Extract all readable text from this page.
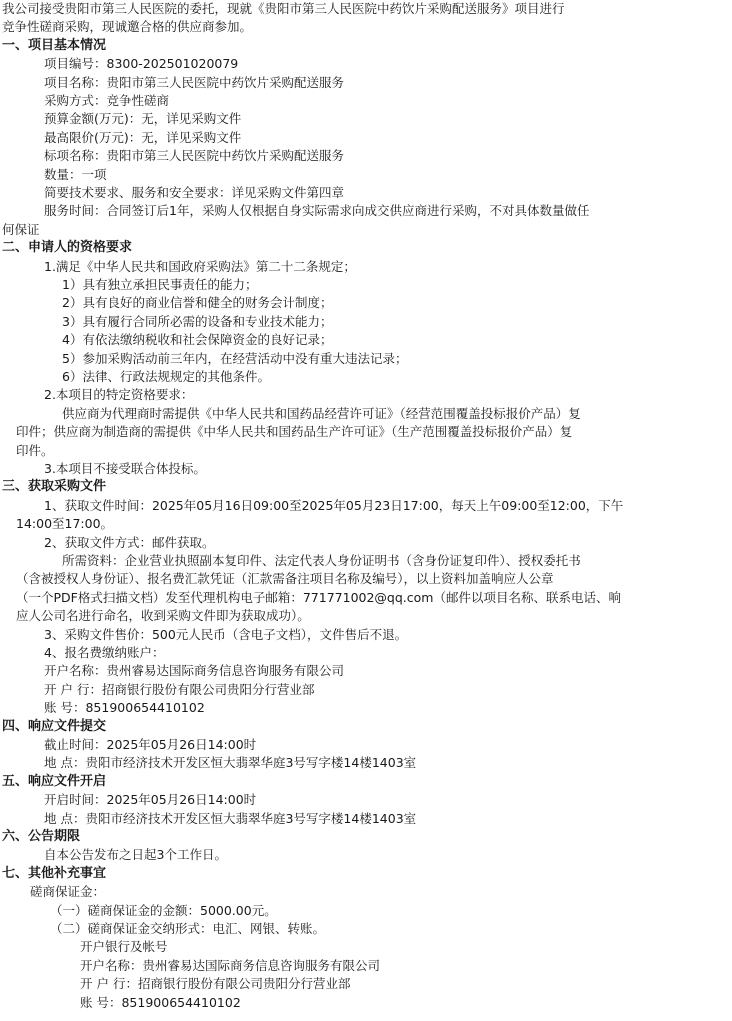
我公司接受贵阳市第三人民医院的委托，现就《贵阳市第三人民医院中药饮片采购配送服务》项目进行
竞争性磋商采购，现诚邀合格的供应商参加。
一、项目基本情况
项目编号：8300-202501020079
项目名称：贵阳市第三人民医院中药饮片采购配送服务
采购方式：竞争性磋商
预算金额(万元)：无，详见采购文件
最高限价(万元)：无，详见采购文件
标项名称：贵阳市第三人民医院中药饮片采购配送服务
数量：一项
简要技术要求、服务和安全要求：详见采购文件第四章
服务时间：合同签订后1年，采购人仅根据自身实际需求向成交供应商进行采购，不对具体数量做任
何保证
二、申请人的资格要求
1.满足《中华人民共和国政府采购法》第二十二条规定；
1）具有独立承担民事责任的能力；
2）具有良好的商业信誉和健全的财务会计制度；
3）具有履行合同所必需的设备和专业技术能力；
4）有依法缴纳税收和社会保障资金的良好记录；
5）参加采购活动前三年内，在经营活动中没有重大违法记录；
6）法律、行政法规规定的其他条件。
2.本项目的特定资格要求：
供应商为代理商时需提供《中华人民共和国药品经营许可证》（经营范围覆盖投标报价产品）复
印件；供应商为制造商的需提供《中华人民共和国药品生产许可证》（生产范围覆盖投标报价产品）复
印件。
3.本项目不接受联合体投标。
三、获取采购文件
1、获取文件时间：2025年05月16日09:00至2025年05月23日17:00，每天上午09:00至12:00，下午
14:00至17:00。
2、获取文件方式：邮件获取。
所需资料：企业营业执照副本复印件、法定代表人身份证明书（含身份证复印件）、授权委托书
（含被授权人身份证）、报名费汇款凭证（汇款需备注项目名称及编号），以上资料加盖响应人公章
（一个PDF格式扫描文档）发至代理机构电子邮箱：771771002@qq.com（邮件以项目名称、联系电话、响
应人公司名进行命名，收到采购文件即为获取成功）。
3、采购文件售价：500元人民币（含电子文档），文件售后不退。
4、报名费缴纳账户：
开户名称：贵州睿易达国际商务信息咨询服务有限公司
开 户 行：招商银行股份有限公司贵阳分行营业部
账 号：851900654410102
四、响应文件提交
截止时间：2025年05月26日14:00时
地 点：贵阳市经济技术开发区恒大翡翠华庭3号写字楼14楼1403室
五、响应文件开启
开启时间：2025年05月26日14:00时
地 点：贵阳市经济技术开发区恒大翡翠华庭3号写字楼14楼1403室
六、公告期限
自本公告发布之日起3个工作日。
七、其他补充事宜
磋商保证金：
（一）磋商保证金的金额：5000.00元。
（二）磋商保证金交纳形式：电汇、网银、转账。
开户银行及帐号
开户名称：贵州睿易达国际商务信息咨询服务有限公司
开 户 行：招商银行股份有限公司贵阳分行营业部
账 号：851900654410102
